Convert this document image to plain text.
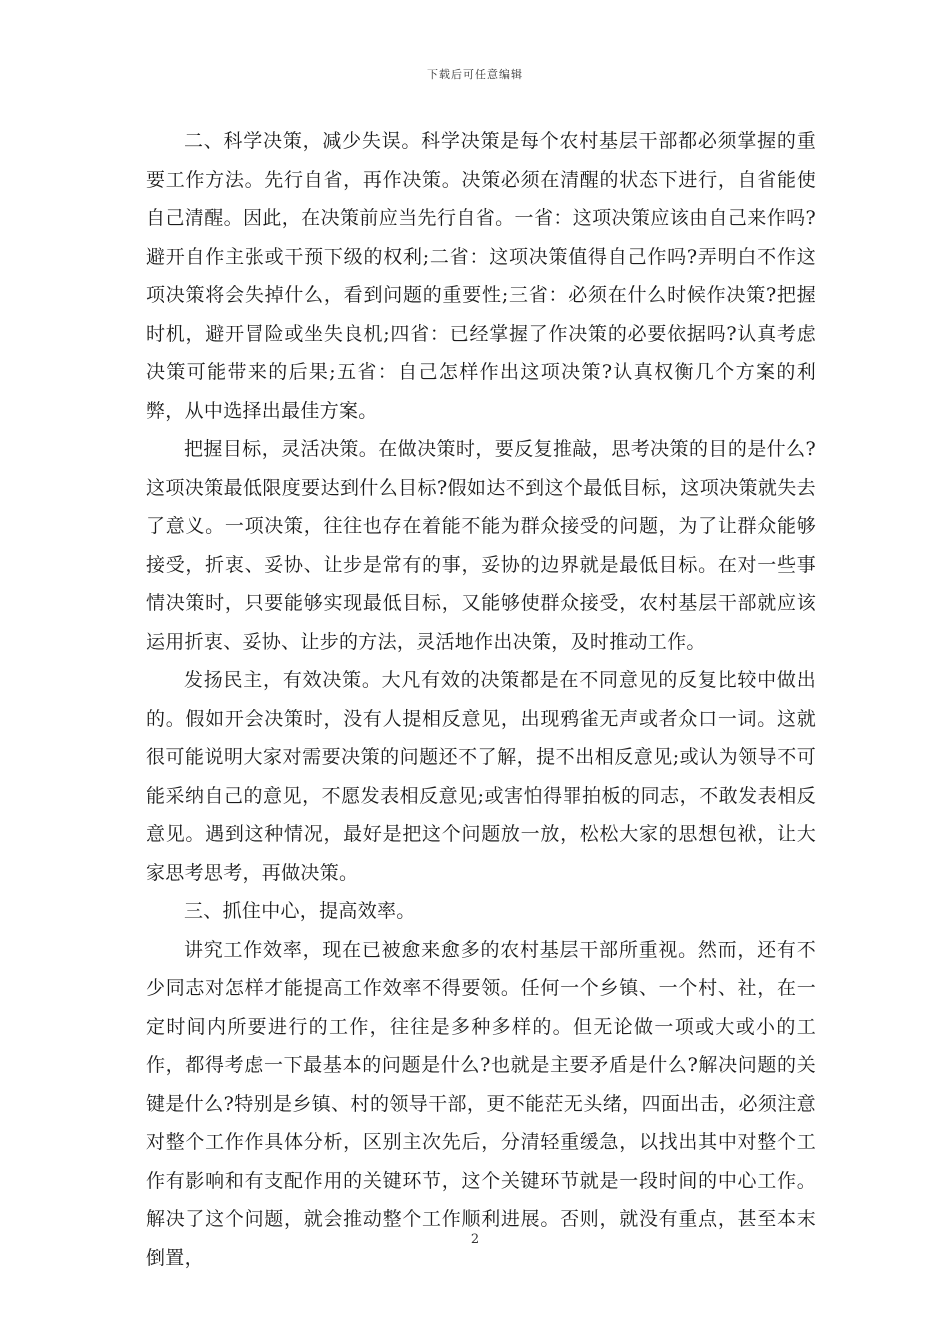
下载后可任意编辑

二、科学决策，减少失误。科学决策是每个农村基层干部都必须掌握的重要工作方法。先行自省，再作决策。决策必须在清醒的状态下进行，自省能使自己清醒。因此，在决策前应当先行自省。一省：这项决策应该由自己来作吗?避开自作主张或干预下级的权利;二省：这项决策值得自己作吗?弄明白不作这项决策将会失掉什么，看到问题的重要性;三省：必须在什么时候作决策?把握时机，避开冒险或坐失良机;四省：已经掌握了作决策的必要依据吗?认真考虑决策可能带来的后果;五省：自己怎样作出这项决策?认真权衡几个方案的利弊，从中选择出最佳方案。

把握目标，灵活决策。在做决策时，要反复推敲，思考决策的目的是什么?这项决策最低限度要达到什么目标?假如达不到这个最低目标，这项决策就失去了意义。一项决策，往往也存在着能不能为群众接受的问题，为了让群众能够接受，折衷、妥协、让步是常有的事，妥协的边界就是最低目标。在对一些事情决策时，只要能够实现最低目标，又能够使群众接受，农村基层干部就应该运用折衷、妥协、让步的方法，灵活地作出决策，及时推动工作。

发扬民主，有效决策。大凡有效的决策都是在不同意见的反复比较中做出的。假如开会决策时，没有人提相反意见，出现鸦雀无声或者众口一词。这就很可能说明大家对需要决策的问题还不了解，提不出相反意见;或认为领导不可能采纳自己的意见，不愿发表相反意见;或害怕得罪拍板的同志，不敢发表相反意见。遇到这种情况，最好是把这个问题放一放，松松大家的思想包袱，让大家思考思考，再做决策。

三、抓住中心，提高效率。

讲究工作效率，现在已被愈来愈多的农村基层干部所重视。然而，还有不少同志对怎样才能提高工作效率不得要领。任何一个乡镇、一个村、社，在一定时间内所要进行的工作，往往是多种多样的。但无论做一项或大或小的工作，都得考虑一下最基本的问题是什么?也就是主要矛盾是什么?解决问题的关键是什么?特别是乡镇、村的领导干部，更不能茫无头绪，四面出击，必须注意对整个工作作具体分析，区别主次先后，分清轻重缓急，以找出其中对整个工作有影响和有支配作用的关键环节，这个关键环节就是一段时间的中心工作。解决了这个问题，就会推动整个工作顺利进展。否则，就没有重点，甚至本末倒置，

2
